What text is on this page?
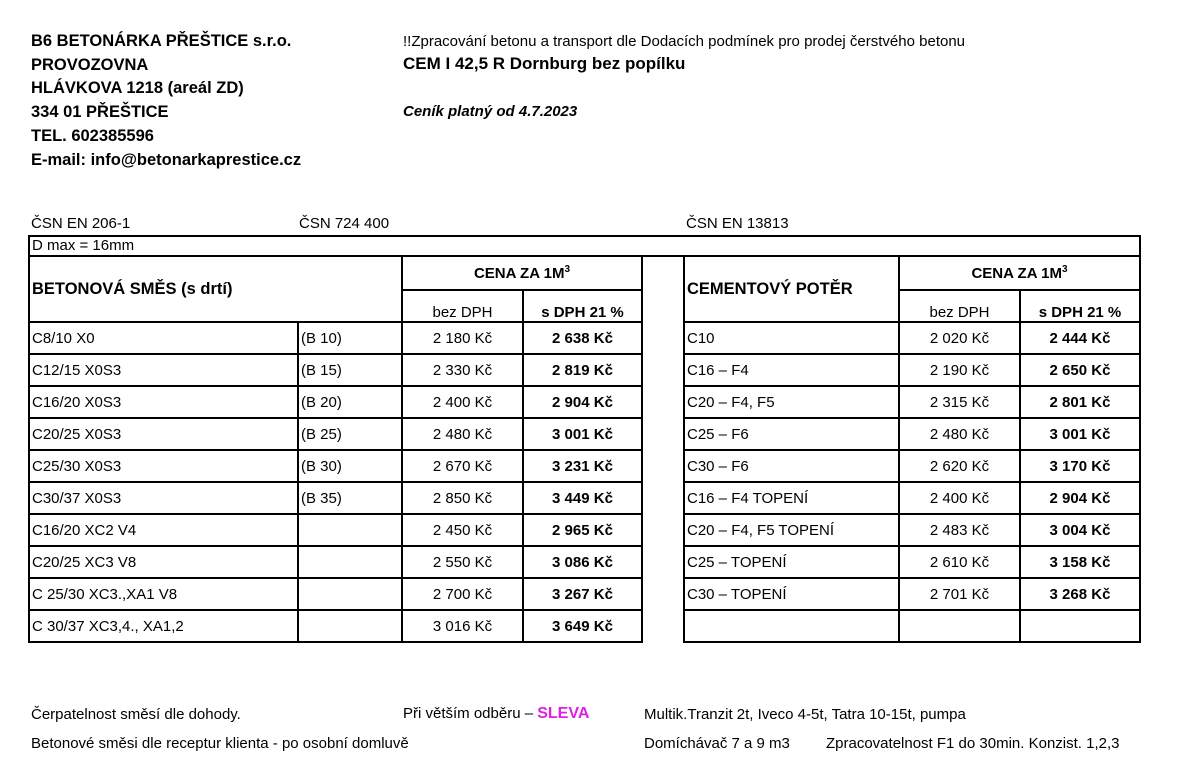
B6 BETONÁRKA PŘEŠTICE s.r.o.
PROVOZOVNA
HLÁVKOVA 1218 (areál ZD)
334 01 PŘEŠTICE
TEL. 602385596
E-mail: info@betonarkaprestice.cz
!!Zpracování betonu a transport dle Dodacích podmínek pro prodej čerstvého betonu
CEM I 42,5 R Dornburg bez popílku
Ceník platný od 4.7.2023
ČSN EN 206-1	ČSN 724 400	ČSN EN 13813
D max = 16mm							
BETONOVÁ SMĚS (s drtí)		CENA ZA $1M^3$			CEMENTOVÝ POTĚR	CENA ZA $1M^3$
		bez DPH	s DPH 21 %			bez DPH	s DPH 21 %
C8/10 X0	(B 10)	2 180 Kč	2 638 Kč		C10	2 020 Kč	2 444 Kč
C12/15 X0S3	(B 15)	2 330 Kč	2 819 Kč		C16 – F4	2 190 Kč	2 650 Kč
C16/20 X0S3	(B 20)	2 400 Kč	2 904 Kč		C20 – F4, F5	2 315 Kč	2 801 Kč
C20/25 X0S3	(B 25)	2 480 Kč	3 001 Kč		C25 – F6	2 480 Kč	3 001 Kč
C25/30 X0S3	(B 30)	2 670 Kč	3 231 Kč		C30 – F6	2 620 Kč	3 170 Kč
C30/37 X0S3	(B 35)	2 850 Kč	3 449 Kč		C16 – F4 TOPENÍ	2 400 Kč	2 904 Kč
C16/20 XC2 V4		2 450 Kč	2 965 Kč		C20 – F4, F5 TOPENÍ	2 483 Kč	3 004 Kč
C20/25 XC3 V8		2 550 Kč	3 086 Kč		C25 – TOPENÍ	2 610 Kč	3 158 Kč
C 25/30 XC3.,XA1 V8		2 700 Kč	3 267 Kč		C30 – TOPENÍ	2 701 Kč	3 268 Kč
C 30/37 XC3,4., XA1,2		3 016 Kč	3 649 Kč				
Čerpatelnost směsí dle dohody.	Při větším odběru – SLEVA	Multik.Tranzit 2t, Iveco 4-5t, Tatra 10-15t, pumpa
Betonové směsi dle receptur klienta - po osobní domluvě	Domíchávač 7 a 9 m3 Zpracovatelnost F1 do 30min. Konzist. 1,2,3
